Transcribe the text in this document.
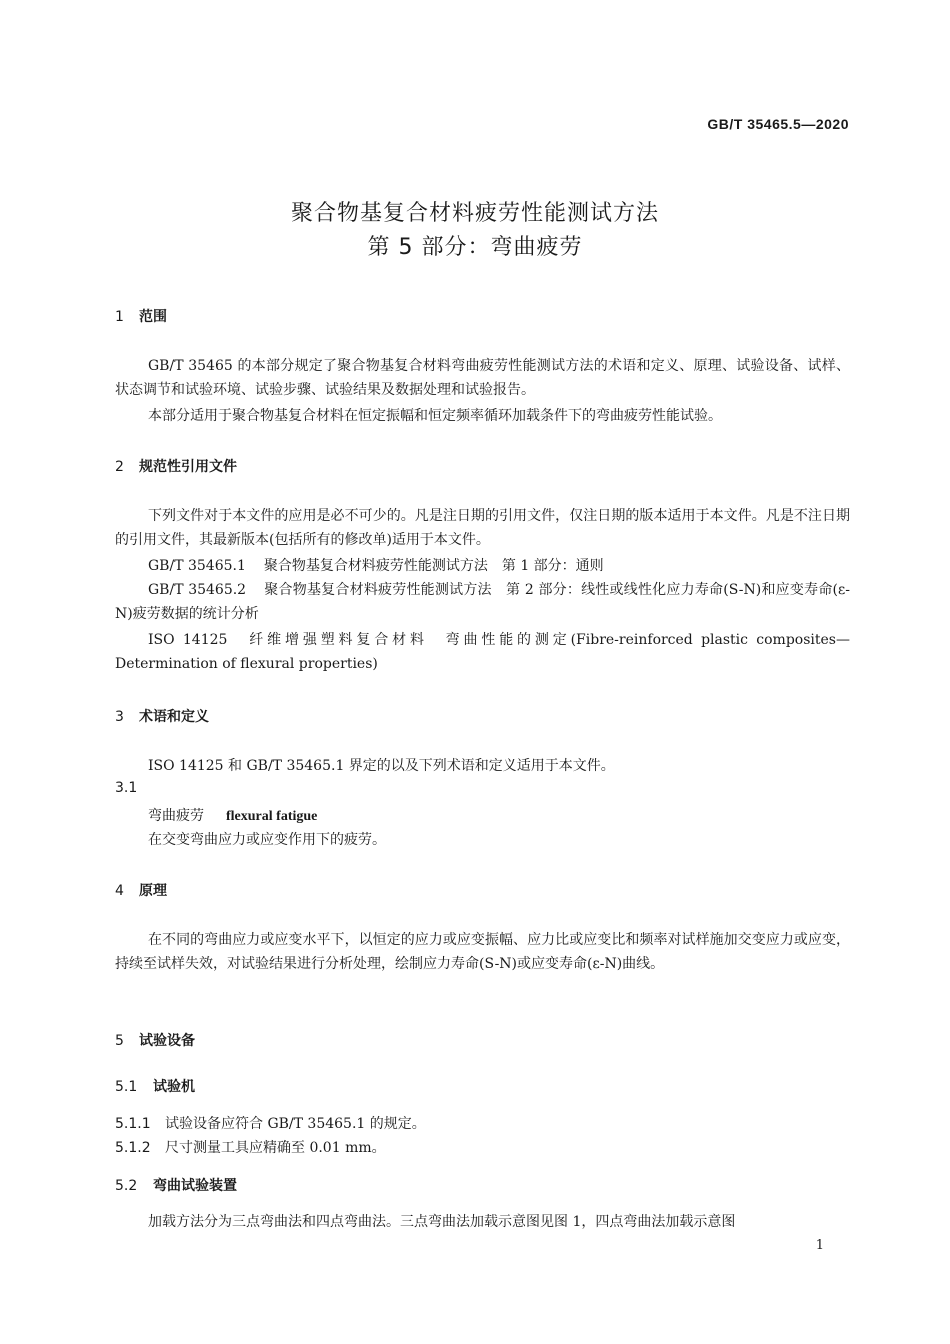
GB/T 35465.5—2020
聚合物基复合材料疲劳性能测试方法
第 5 部分：弯曲疲劳
1 范围
GB/T 35465 的本部分规定了聚合物基复合材料弯曲疲劳性能测试方法的术语和定义、原理、试验设备、试样、状态调节和试验环境、试验步骤、试验结果及数据处理和试验报告。
本部分适用于聚合物基复合材料在恒定振幅和恒定频率循环加载条件下的弯曲疲劳性能试验。
2 规范性引用文件
下列文件对于本文件的应用是必不可少的。凡是注日期的引用文件，仅注日期的版本适用于本文件。凡是不注日期的引用文件，其最新版本(包括所有的修改单)适用于本文件。
GB/T 35465.1 聚合物基复合材料疲劳性能测试方法　第 1 部分：通则
GB/T 35465.2 聚合物基复合材料疲劳性能测试方法　第 2 部分：线性或线性化应力寿命(S-N)和应变寿命(ε-N)疲劳数据的统计分析
ISO 14125 纤维增强塑料复合材料　弯曲性能的测定(Fibre-reinforced plastic composites—Determination of flexural properties)
3 术语和定义
ISO 14125 和 GB/T 35465.1 界定的以及下列术语和定义适用于本文件。
3.1
弯曲疲劳 flexural fatigue
在交变弯曲应力或应变作用下的疲劳。
4 原理
在不同的弯曲应力或应变水平下，以恒定的应力或应变振幅、应力比或应变比和频率对试样施加交变应力或应变，持续至试样失效，对试验结果进行分析处理，绘制应力寿命(S-N)或应变寿命(ε-N)曲线。
5 试验设备
5.1 试验机
5.1.1 试验设备应符合 GB/T 35465.1 的规定。
5.1.2 尺寸测量工具应精确至 0.01 mm。
5.2 弯曲试验装置
加载方法分为三点弯曲法和四点弯曲法。三点弯曲法加载示意图见图 1，四点弯曲法加载示意图
1
